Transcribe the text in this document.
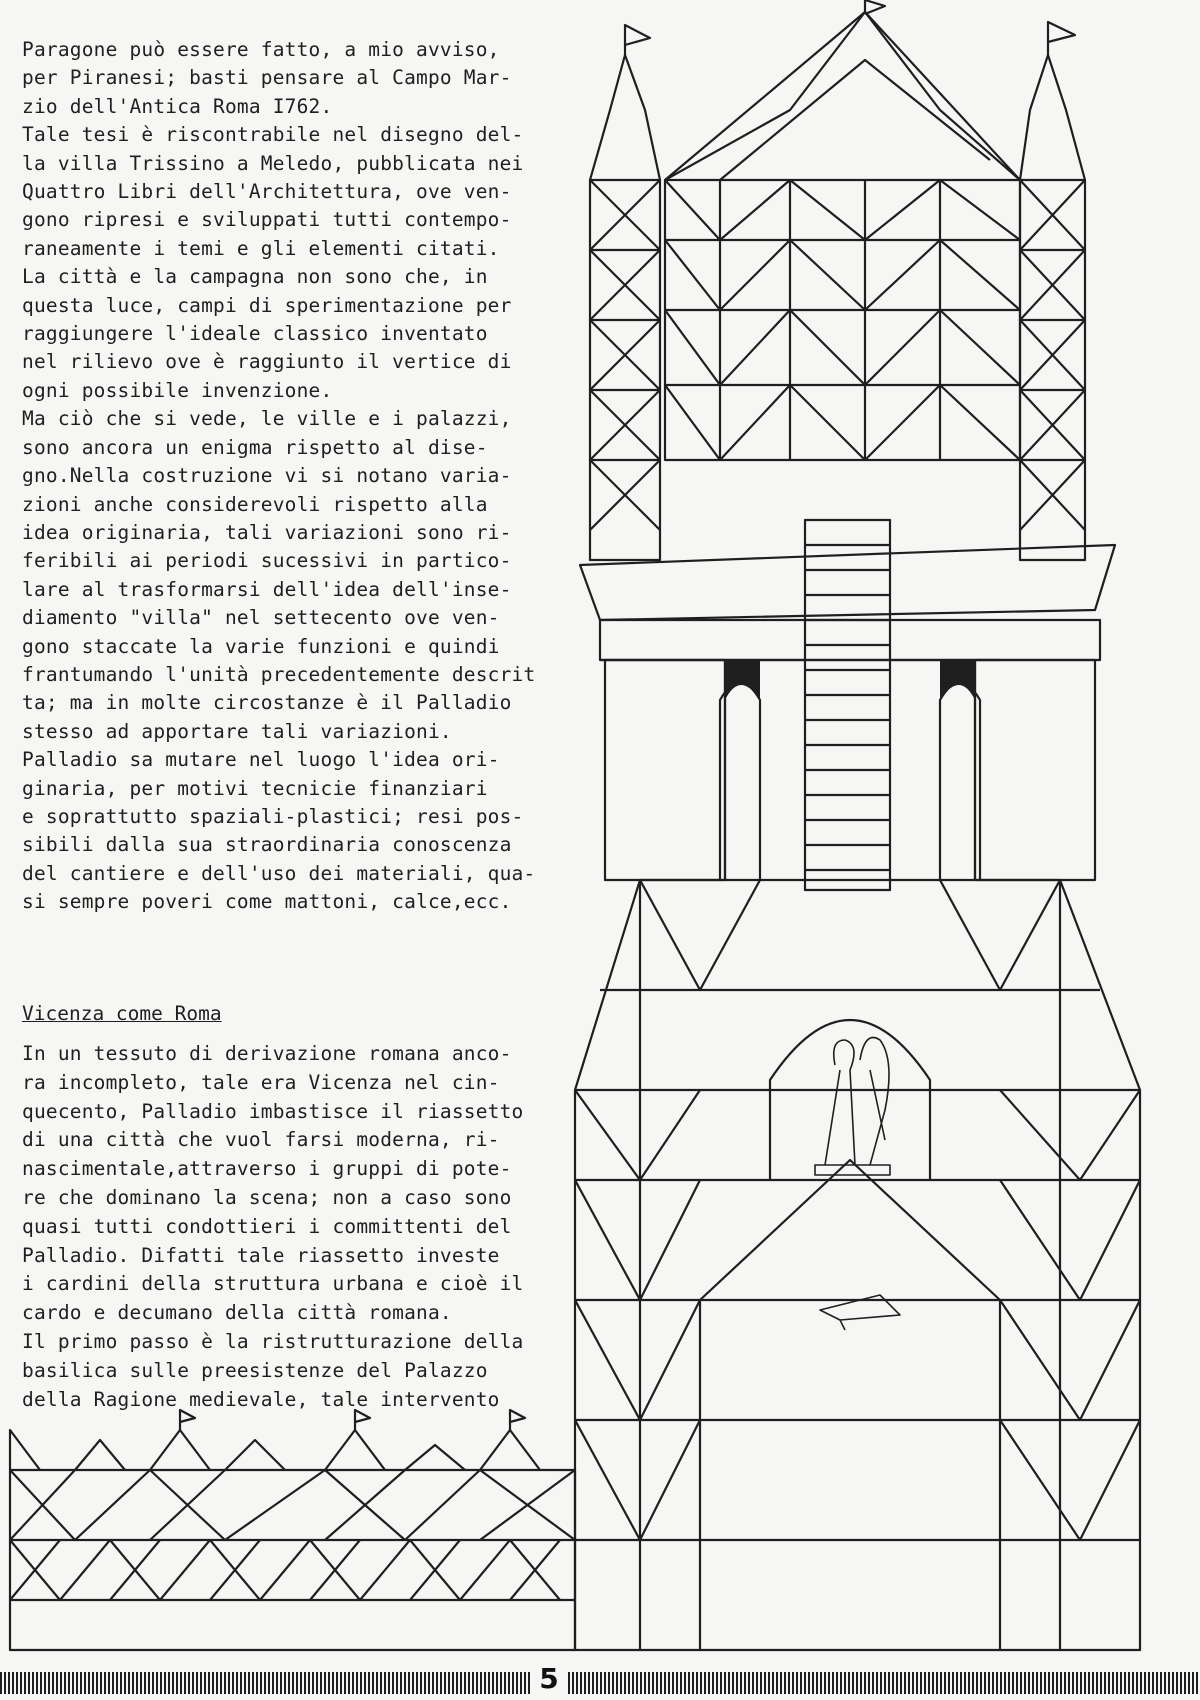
Paragone può essere fatto, a mio avviso,
per Piranesi; basti pensare al Campo Mar-
zio dell'Antica Roma I762.
Tale tesi è riscontrabile nel disegno del-
la villa Trissino a Meledo, pubblicata nei
Quattro Libri dell'Architettura, ove ven-
gono ripresi e sviluppati tutti contempo-
raneamente i temi e gli elementi citati.
La città e la campagna non sono che, in
questa luce, campi di sperimentazione per
raggiungere l'ideale classico inventato
nel rilievo ove è raggiunto il vertice di
ogni possibile invenzione.
Ma ciò che si vede, le ville e i palazzi,
sono ancora un enigma rispetto al dise-
gno.Nella costruzione vi si notano varia-
zioni anche considerevoli rispetto alla
idea originaria, tali variazioni sono ri-
feribili ai periodi sucessivi in partico-
lare al trasformarsi dell'idea dell'inse-
diamento "villa" nel settecento ove ven-
gono staccate la varie funzioni e quindi
frantumando l'unità precedentemente descrit
ta; ma in molte circostanze è il Palladio
stesso ad apportare tali variazioni.
Palladio sa mutare nel luogo l'idea ori-
ginaria, per motivi tecnicie finanziari
e soprattutto spaziali-plastici; resi pos-
sibili dalla sua straordinaria conoscenza
del cantiere e dell'uso dei materiali, qua-
si sempre poveri come mattoni, calce,ecc.
Vicenza come Roma
In un tessuto di derivazione romana anco-
ra incompleto, tale era Vicenza nel cin-
quecento, Palladio imbastisce il riassetto
di una città che vuol farsi moderna, ri-
nascimentale,attraverso i gruppi di pote-
re che dominano la scena; non a caso sono
quasi tutti condottieri i committenti del
Palladio. Difatti tale riassetto investe
i cardini della struttura urbana e cioè il
cardo e decumano della città romana.
Il primo passo è la ristrutturazione della
basilica sulle preesistenze del Palazzo
della Ragione medievale, tale intervento
5
